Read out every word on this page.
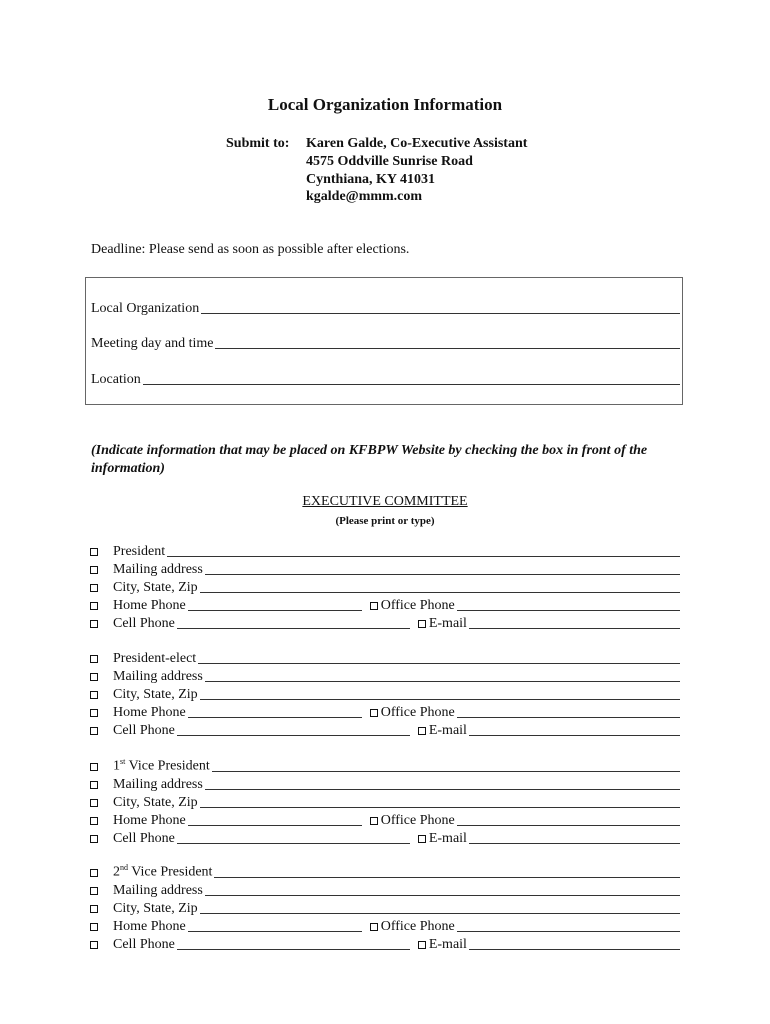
Local Organization Information
Submit to: Karen Galde, Co-Executive Assistant
4575 Oddville Sunrise Road
Cynthiana, KY 41031
kgalde@mmm.com
Deadline: Please send as soon as possible after elections.
Local Organization
Meeting day and time
Location
(Indicate information that may be placed on KFBPW Website by checking the box in front of the information)
EXECUTIVE COMMITTEE
(Please print or type)
President
Mailing address
City, State, Zip
Home Phone	Office Phone
Cell Phone	E-mail
President-elect
Mailing address
City, State, Zip
Home Phone	Office Phone
Cell Phone	E-mail
1st Vice President
Mailing address
City, State, Zip
Home Phone	Office Phone
Cell Phone	E-mail
2nd Vice President
Mailing address
City, State, Zip
Home Phone	Office Phone
Cell Phone	E-mail
